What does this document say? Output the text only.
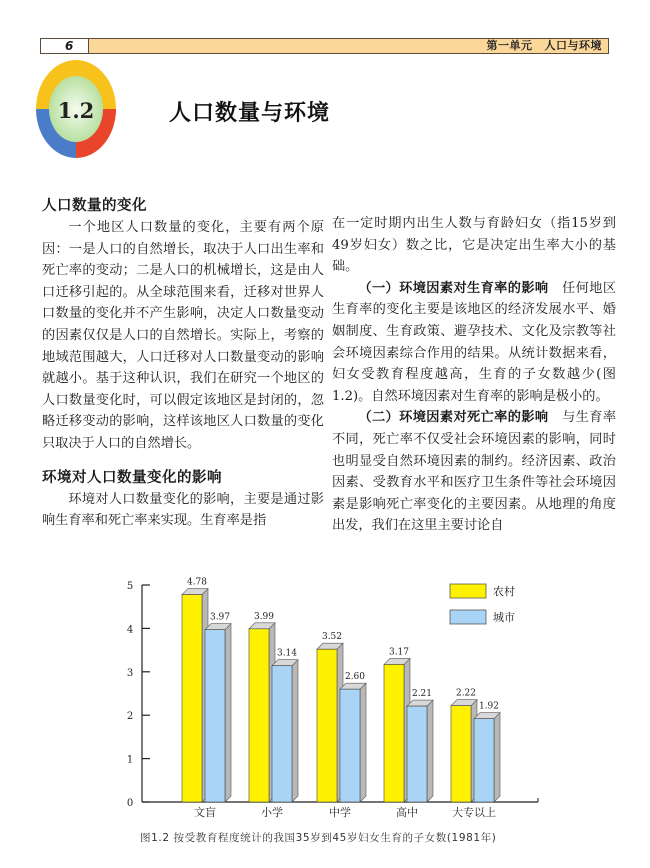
6	第一单元 人口与环境
1.2	人口数量与环境
人口数量的变化

一个地区人口数量的变化，主要有两个原因：一是人口的自然增长，取决于人口出生率和死亡率的变动；二是人口的机械增长，这是由人口迁移引起的。从全球范围来看，迁移对世界人口数量的变化并不产生影响，决定人口数量变动的因素仅仅是人口的自然增长。实际上，考察的地域范围越大，人口迁移对人口数量变动的影响就越小。基于这种认识，我们在研究一个地区的人口数量变化时，可以假定该地区是封闭的，忽略迁移变动的影响，这样该地区人口数量的变化只取决于人口的自然增长。

环境对人口数量变化的影响

环境对人口数量变化的影响，主要是通过影响生育率和死亡率来实现。生育率是指

在一定时期内出生人数与育龄妇女（指15岁到49岁妇女）数之比，它是决定出生率大小的基础。

（一）环境因素对生育率的影响　 任何地区生育率的变化主要是该地区的经济发展水平、婚姻制度、生育政策、避孕技术、文化及宗教等社会环境因素综合作用的结果。从统计数据来看，妇女受教育程度越高，生育的子女数越少(图1.2)。自然环境因素对生育率的影响是极小的。

（二）环境因素对死亡率的影响　 与生育率不同，死亡率不仅受社会环境因素的影响，同时也明显受自然环境因素的制约。经济因素、政治因素、受教育水平和医疗卫生条件等社会环境因素是影响死亡率变化的主要因素。从地理的角度出发，我们在这里主要讨论自

0
1
2
3
4
5	4.78
3.97
文盲
3.99
3.14
小学
3.52
2.60
中学
3.17
2.21
高中
2.22
1.92
大专以上
农村
城市
图1.2 按受教育程度统计的我国35岁到45岁妇女生育的子女数(1981年)
